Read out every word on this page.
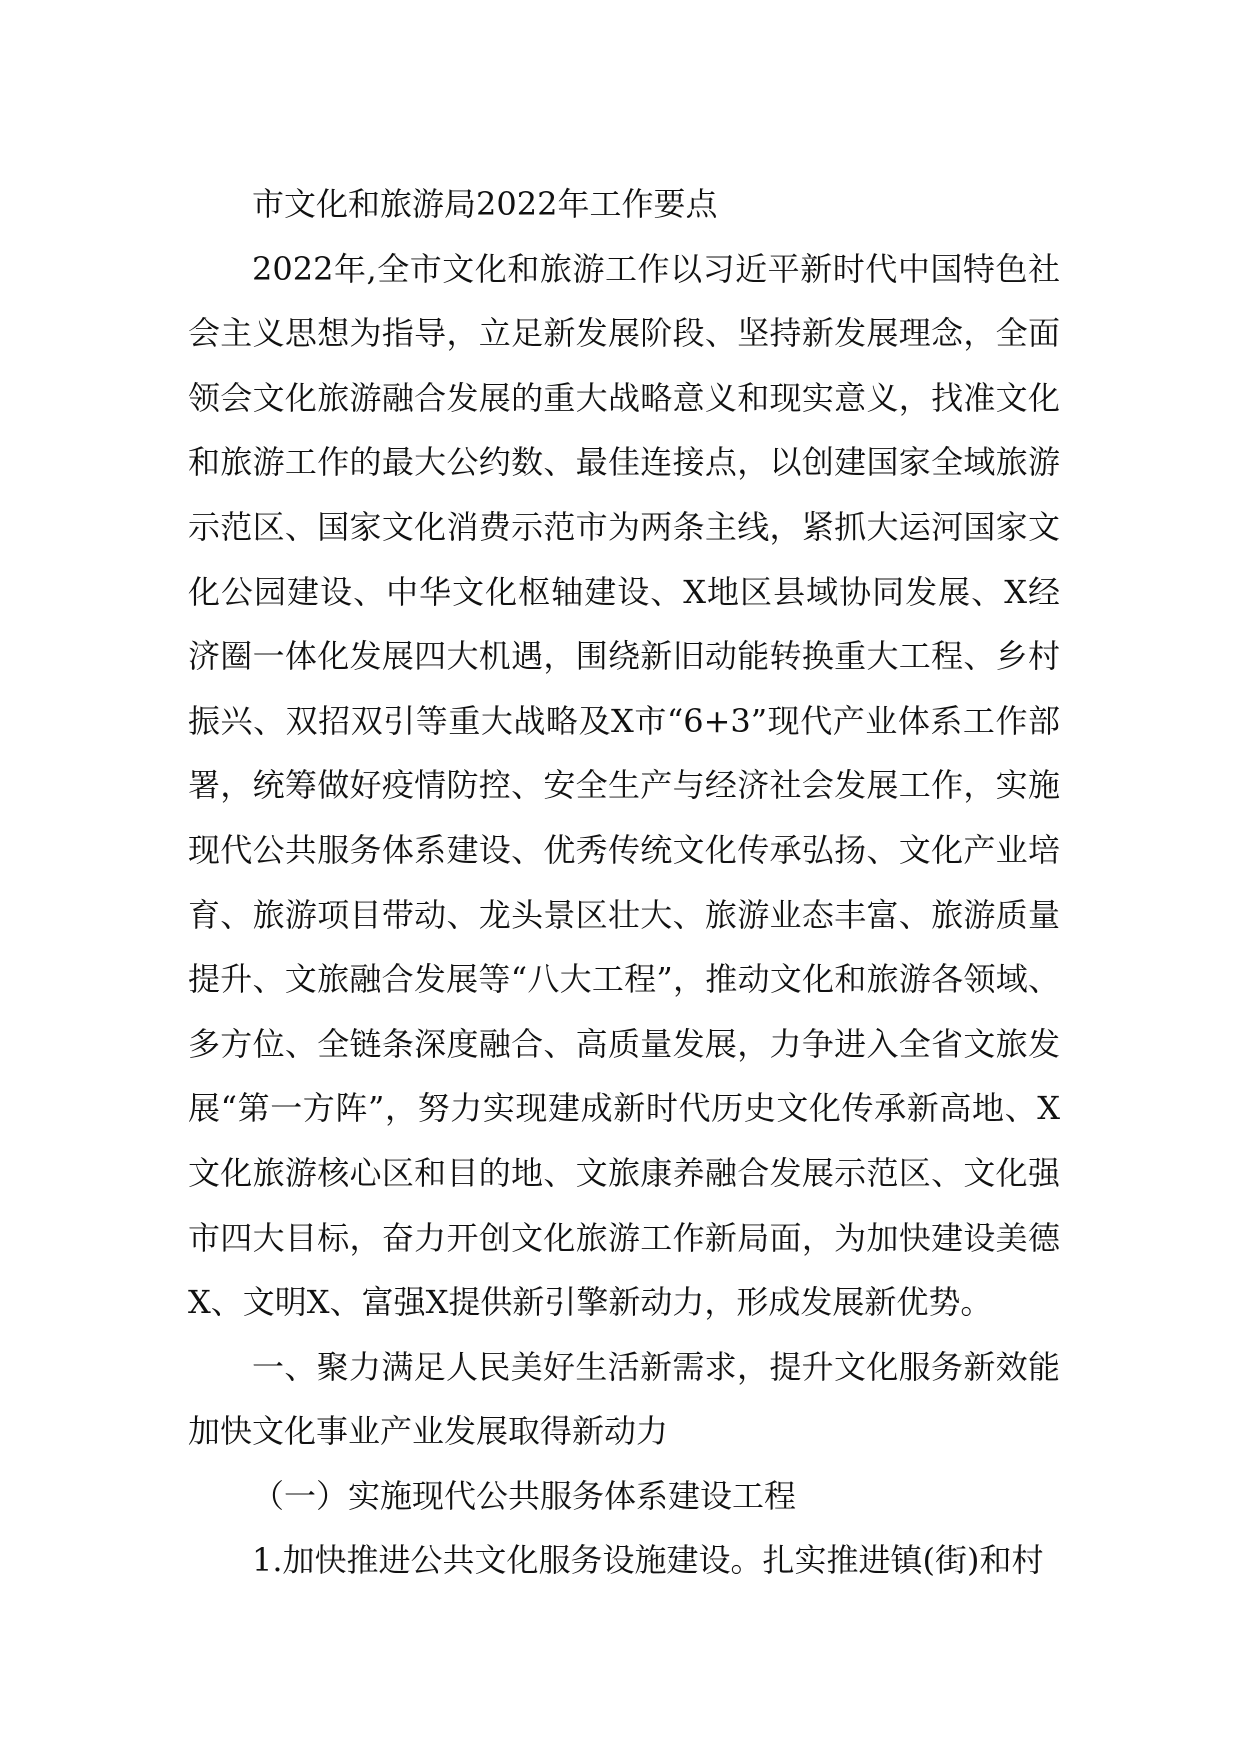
市文化和旅游局2022年工作要点

2022年,全市文化和旅游工作以习近平新时代中国特色社会主义思想为指导，立足新发展阶段、坚持新发展理念，全面领会文化旅游融合发展的重大战略意义和现实意义，找准文化和旅游工作的最大公约数、最佳连接点，以创建国家全域旅游示范区、国家文化消费示范市为两条主线，紧抓大运河国家文化公园建设、中华文化枢轴建设、X地区县域协同发展、X经济圈一体化发展四大机遇，围绕新旧动能转换重大工程、乡村振兴、双招双引等重大战略及X市“6+3”现代产业体系工作部署，统筹做好疫情防控、安全生产与经济社会发展工作，实施现代公共服务体系建设、优秀传统文化传承弘扬、文化产业培育、旅游项目带动、龙头景区壮大、旅游业态丰富、旅游质量提升、文旅融合发展等“八大工程”，推动文化和旅游各领域、多方位、全链条深度融合、高质量发展，力争进入全省文旅发展“第一方阵”，努力实现建成新时代历史文化传承新高地、X文化旅游核心区和目的地、文旅康养融合发展示范区、文化强市四大目标，奋力开创文化旅游工作新局面，为加快建设美德X、文明X、富强X提供新引擎新动力，形成发展新优势。

一、聚力满足人民美好生活新需求，提升文化服务新效能加快文化事业产业发展取得新动力

（一）实施现代公共服务体系建设工程

1.加快推进公共文化服务设施建设。扎实推进镇(街)和村
